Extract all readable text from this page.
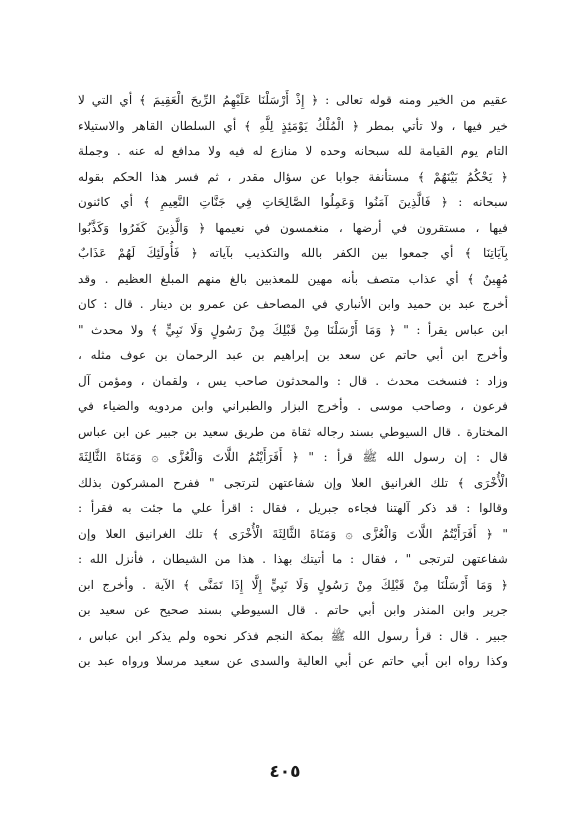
عقيم من الخير ومنه قوله تعالى : ﴿ إِذْ أَرْسَلْنَا عَلَيْهِمُ الرِّيحَ الْعَقِيمَ ﴾ أي التي لا
خير فيها ، ولا تأتي بمطر ﴿ الْمُلْكُ يَوْمَئِذٍ لِلَّهِ ﴾ أي السلطان القاهر والاستيلاء
التام يوم القيامة لله سبحانه وحده لا منازع له فيه ولا مدافع له عنه . وجملة
﴿ يَحْكُمُ بَيْنَهُمْ ﴾ مستأنفة جوابا عن سؤال مقدر ، ثم فسر هذا الحكم بقوله
سبحانه : ﴿ فَالَّذِينَ آمَنُوا وَعَمِلُوا الصَّالِحَاتِ فِي جَنَّاتِ النَّعِيمِ ﴾ أي كائنون
فيها ، مستقرون في أرضها ، منغمسون في نعيمها ﴿ وَالَّذِينَ كَفَرُوا وَكَذَّبُوا
بِآيَاتِنَا ﴾ أي جمعوا بين الكفر بالله والتكذيب بآياته ﴿ فَأُولَئِكَ لَهُمْ عَذَابٌ
مُهِينٌ ﴾ أي عذاب متصف بأنه مهين للمعذبين بالغ منهم المبلغ العظيم . وقد
أخرج عبد بن حميد وابن الأنباري في المصاحف عن عمرو بن دينار . قال : كان
ابن عباس يقرأ : " ﴿ وَمَا أَرْسَلْنَا مِنْ قَبْلِكَ مِنْ رَسُولٍ وَلَا نَبِيٍّ ﴾ ولا محدث "
وأخرج ابن أبي حاتم عن سعد بن إبراهيم بن عبد الرحمان بن عوف مثله ،
وزاد : فنسخت محدث . قال : والمحدثون صاحب يس ، ولقمان ، ومؤمن آل
فرعون ، وصاحب موسى . وأخرج البزار والطبراني وابن مردويه والضياء في
المختارة . قال السيوطي بسند رجاله ثقاة من طريق سعيد بن جبير عن ابن عباس
قال : إن رسول الله ﷺ قرأ : " ﴿ أَفَرَأَيْتُمُ اللَّاتَ وَالْعُزَّى ۞ وَمَنَاةَ الثَّالِثَةَ
الْأُخْرَى ﴾ تلك الغرانيق العلا وإن شفاعتهن لترتجى " ففرح المشركون بذلك
وقالوا : قد ذكر آلهتنا فجاءه جبريل ، فقال : اقرأ علي ما جئت به فقرأ :
" ﴿ أَفَرَأَيْتُمُ اللَّاتَ وَالْعُزَّى ۞ وَمَنَاةَ الثَّالِثَةَ الْأُخْرَى ﴾ تلك الغرانيق العلا وإن
شفاعتهن لترتجى " ، فقال : ما أتيتك بهذا . هذا من الشيطان ، فأنزل الله :
﴿ وَمَا أَرْسَلْنَا مِنْ قَبْلِكَ مِنْ رَسُولٍ وَلَا نَبِيٍّ إِلَّا إِذَا تَمَنَّى ﴾ الآية . وأخرج ابن
جرير وابن المنذر وابن أبي حاتم . قال السيوطي بسند صحيح عن سعيد بن
جبير . قال : قرأ رسول الله ﷺ بمكة النجم فذكر نحوه ولم يذكر ابن عباس ،
وكذا رواه ابن أبي حاتم عن أبي العالية والسدى عن سعيد مرسلا ورواه عبد بن
٤٠٥
